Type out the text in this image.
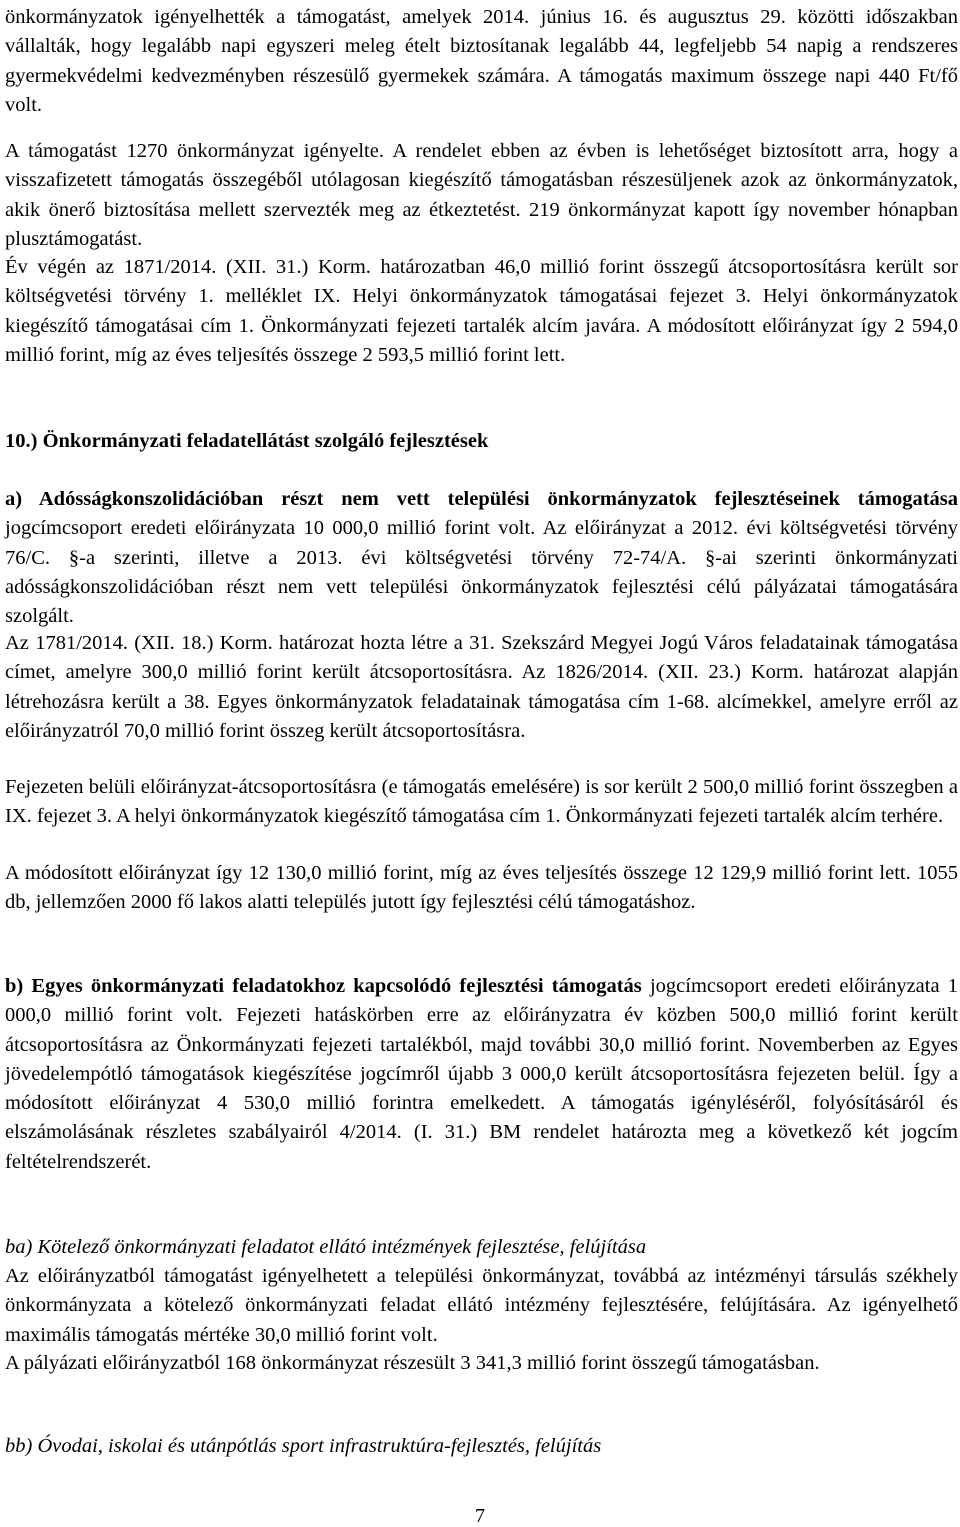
önkormányzatok igényelhették a támogatást, amelyek 2014. június 16. és augusztus 29. közötti időszakban vállalták, hogy legalább napi egyszeri meleg ételt biztosítanak legalább 44, legfeljebb 54 napig a rendszeres gyermekvédelmi kedvezményben részesülő gyermekek számára. A támogatás maximum összege napi 440 Ft/fő volt.

A támogatást 1270 önkormányzat igényelte. A rendelet ebben az évben is lehetőséget biztosított arra, hogy a visszafizetett támogatás összegéből utólagosan kiegészítő támogatásban részesüljenek azok az önkormányzatok, akik önerő biztosítása mellett szervezték meg az étkeztetést. 219 önkormányzat kapott így november hónapban plusztámogatást.

Év végén az 1871/2014. (XII. 31.) Korm. határozatban 46,0 millió forint összegű átcsoportosításra került sor költségvetési törvény 1. melléklet IX. Helyi önkormányzatok támogatásai fejezet 3. Helyi önkormányzatok kiegészítő támogatásai cím 1. Önkormányzati fejezeti tartalék alcím javára. A módosított előirányzat így 2 594,0 millió forint, míg az éves teljesítés összege 2 593,5 millió forint lett.

10.) Önkormányzati feladatellátást szolgáló fejlesztések

a) Adósságkonszolidációban részt nem vett települési önkormányzatok fejlesztéseinek támogatása jogcímcsoport eredeti előirányzata 10 000,0 millió forint volt. Az előirányzat a 2012. évi költségvetési törvény 76/C. §-a szerinti, illetve a 2013. évi költségvetési törvény 72-74/A. §-ai szerinti önkormányzati adósságkonszolidációban részt nem vett települési önkormányzatok fejlesztési célú pályázatai támogatására szolgált.

Az 1781/2014. (XII. 18.) Korm. határozat hozta létre a 31. Szekszárd Megyei Jogú Város feladatainak támogatása címet, amelyre 300,0 millió forint került átcsoportosításra. Az 1826/2014. (XII. 23.) Korm. határozat alapján létrehozásra került a 38. Egyes önkormányzatok feladatainak támogatása cím 1-68. alcímekkel, amelyre erről az előirányzatról 70,0 millió forint összeg került átcsoportosításra.

Fejezeten belüli előirányzat-átcsoportosításra (e támogatás emelésére) is sor került 2 500,0 millió forint összegben a IX. fejezet 3. A helyi önkormányzatok kiegészítő támogatása cím 1. Önkormányzati fejezeti tartalék alcím terhére.

A módosított előirányzat így 12 130,0 millió forint, míg az éves teljesítés összege 12 129,9 millió forint lett. 1055 db, jellemzően 2000 fő lakos alatti település jutott így fejlesztési célú támogatáshoz.

b) Egyes önkormányzati feladatokhoz kapcsolódó fejlesztési támogatás jogcímcsoport eredeti előirányzata 1 000,0 millió forint volt. Fejezeti hatáskörben erre az előirányzatra év közben 500,0 millió forint került átcsoportosításra az Önkormányzati fejezeti tartalékból, majd további 30,0 millió forint. Novemberben az Egyes jövedelempótló támogatások kiegészítése jogcímről újabb 3 000,0 került átcsoportosításra fejezeten belül. Így a módosított előirányzat 4 530,0 millió forintra emelkedett. A támogatás igényléséről, folyósításáról és elszámolásának részletes szabályairól 4/2014. (I. 31.) BM rendelet határozta meg a következő két jogcím feltételrendszerét.

ba) Kötelező önkormányzati feladatot ellátó intézmények fejlesztése, felújítása

Az előirányzatból támogatást igényelhetett a települési önkormányzat, továbbá az intézményi társulás székhely önkormányzata a kötelező önkormányzati feladat ellátó intézmény fejlesztésére, felújítására. Az igényelhető maximális támogatás mértéke 30,0 millió forint volt.

A pályázati előirányzatból 168 önkormányzat részesült 3 341,3 millió forint összegű támogatásban.

bb) Óvodai, iskolai és utánpótlás sport infrastruktúra-fejlesztés, felújítás

7
